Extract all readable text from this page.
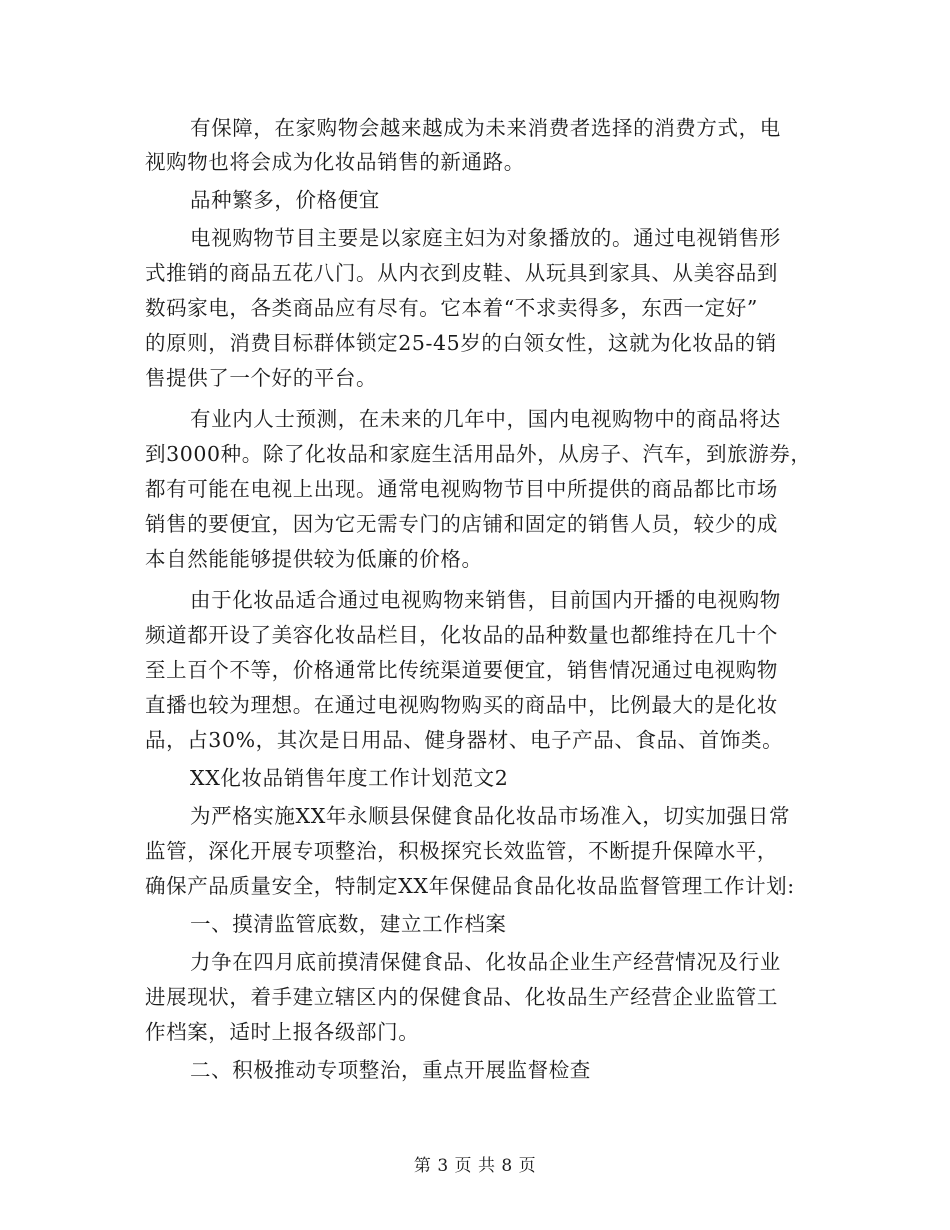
有保障，在家购物会越来越成为未来消费者选择的消费方式，电
视购物也将会成为化妆品销售的新通路。
品种繁多，价格便宜
电视购物节目主要是以家庭主妇为对象播放的。通过电视销售形
式推销的商品五花八门。从内衣到皮鞋、从玩具到家具、从美容品到
数码家电，各类商品应有尽有。它本着“不求卖得多，东西一定好”
的原则，消费目标群体锁定25-45岁的白领女性，这就为化妆品的销
售提供了一个好的平台。
有业内人士预测，在未来的几年中，国内电视购物中的商品将达
到3000种。除了化妆品和家庭生活用品外，从房子、汽车，到旅游券，
都有可能在电视上出现。通常电视购物节目中所提供的商品都比市场
销售的要便宜，因为它无需专门的店铺和固定的销售人员，较少的成
本自然能能够提供较为低廉的价格。
由于化妆品适合通过电视购物来销售，目前国内开播的电视购物
频道都开设了美容化妆品栏目，化妆品的品种数量也都维持在几十个
至上百个不等，价格通常比传统渠道要便宜，销售情况通过电视购物
直播也较为理想。在通过电视购物购买的商品中，比例最大的是化妆
品，占30%，其次是日用品、健身器材、电子产品、食品、首饰类。
XX化妆品销售年度工作计划范文2
为严格实施XX年永顺县保健食品化妆品市场准入，切实加强日常
监管，深化开展专项整治，积极探究长效监管，不断提升保障水平，
确保产品质量安全，特制定XX年保健品食品化妆品监督管理工作计划:
一、摸清监管底数，建立工作档案
力争在四月底前摸清保健食品、化妆品企业生产经营情况及行业
进展现状，着手建立辖区内的保健食品、化妆品生产经营企业监管工
作档案，适时上报各级部门。
二、积极推动专项整治，重点开展监督检查
第 3 页 共 8 页
